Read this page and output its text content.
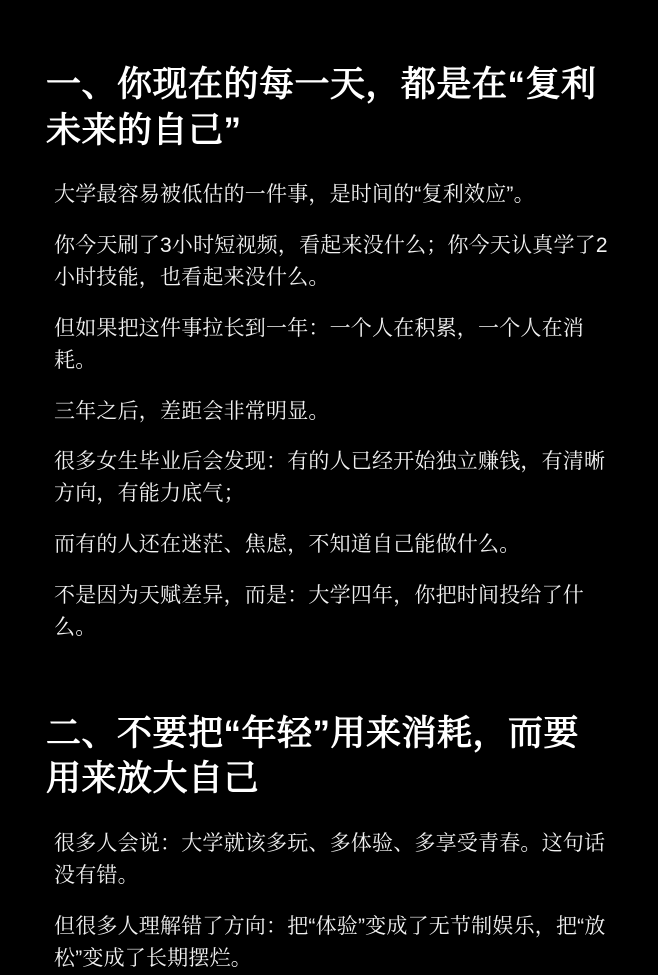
一、你现在的每一天，都是在“复利未来的自己”

大学最容易被低估的一件事，是时间的“复利效应”。

你今天刷了3小时短视频，看起来没什么；你今天认真学了2小时技能，也看起来没什么。

但如果把这件事拉长到一年：一个人在积累，一个人在消耗。

三年之后，差距会非常明显。

很多女生毕业后会发现：有的人已经开始独立赚钱，有清晰方向，有能力底气；

而有的人还在迷茫、焦虑，不知道自己能做什么。

不是因为天赋差异，而是：大学四年，你把时间投给了什么。

二、不要把“年轻”用来消耗，而要用来放大自己

很多人会说：大学就该多玩、多体验、多享受青春。这句话没有错。

但很多人理解错了方向：把“体验”变成了无节制娱乐，把“放松”变成了长期摆烂。
